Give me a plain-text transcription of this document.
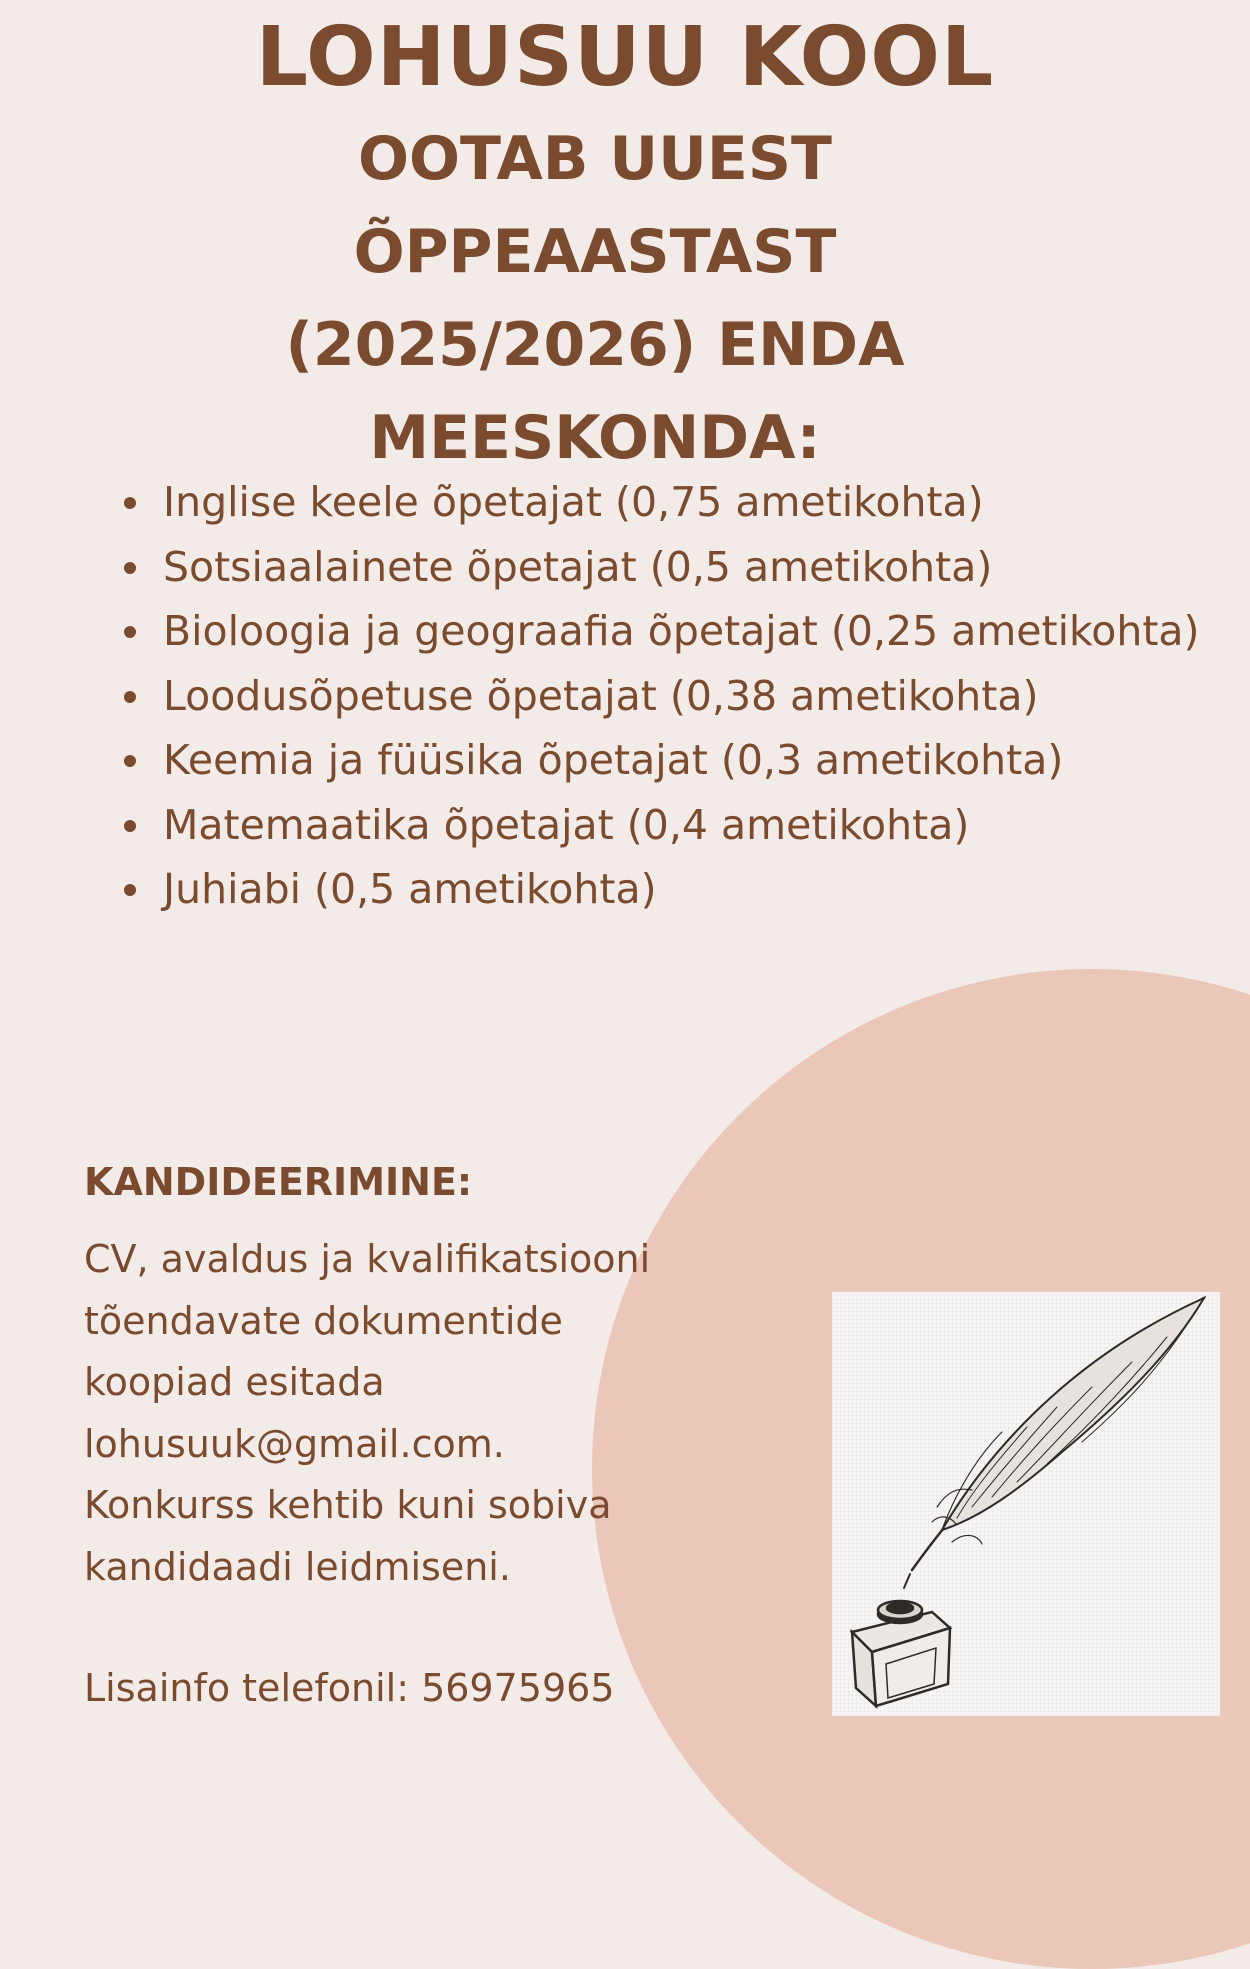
LOHUSUU KOOL
OOTAB UUEST
ÕPPEAASTAST
(2025/2026) ENDA
MEESKONDA:
Inglise keele õpetajat (0,75 ametikohta)
Sotsiaalainete õpetajat (0,5 ametikohta)
Bioloogia ja geograafia õpetajat (0,25 ametikohta)
Loodusõpetuse õpetajat (0,38 ametikohta)
Keemia ja füüsika õpetajat (0,3 ametikohta)
Matemaatika õpetajat (0,4 ametikohta)
Juhiabi (0,5 ametikohta)
KANDIDEERIMINE:

CV, avaldus ja kvalifikatsiooni
tõendavate dokumentide
koopiad esitada
lohusuuk@gmail.com.
Konkurss kehtib kuni sobiva
kandidaadi leidmiseni.

Lisainfo telefonil: 56975965
